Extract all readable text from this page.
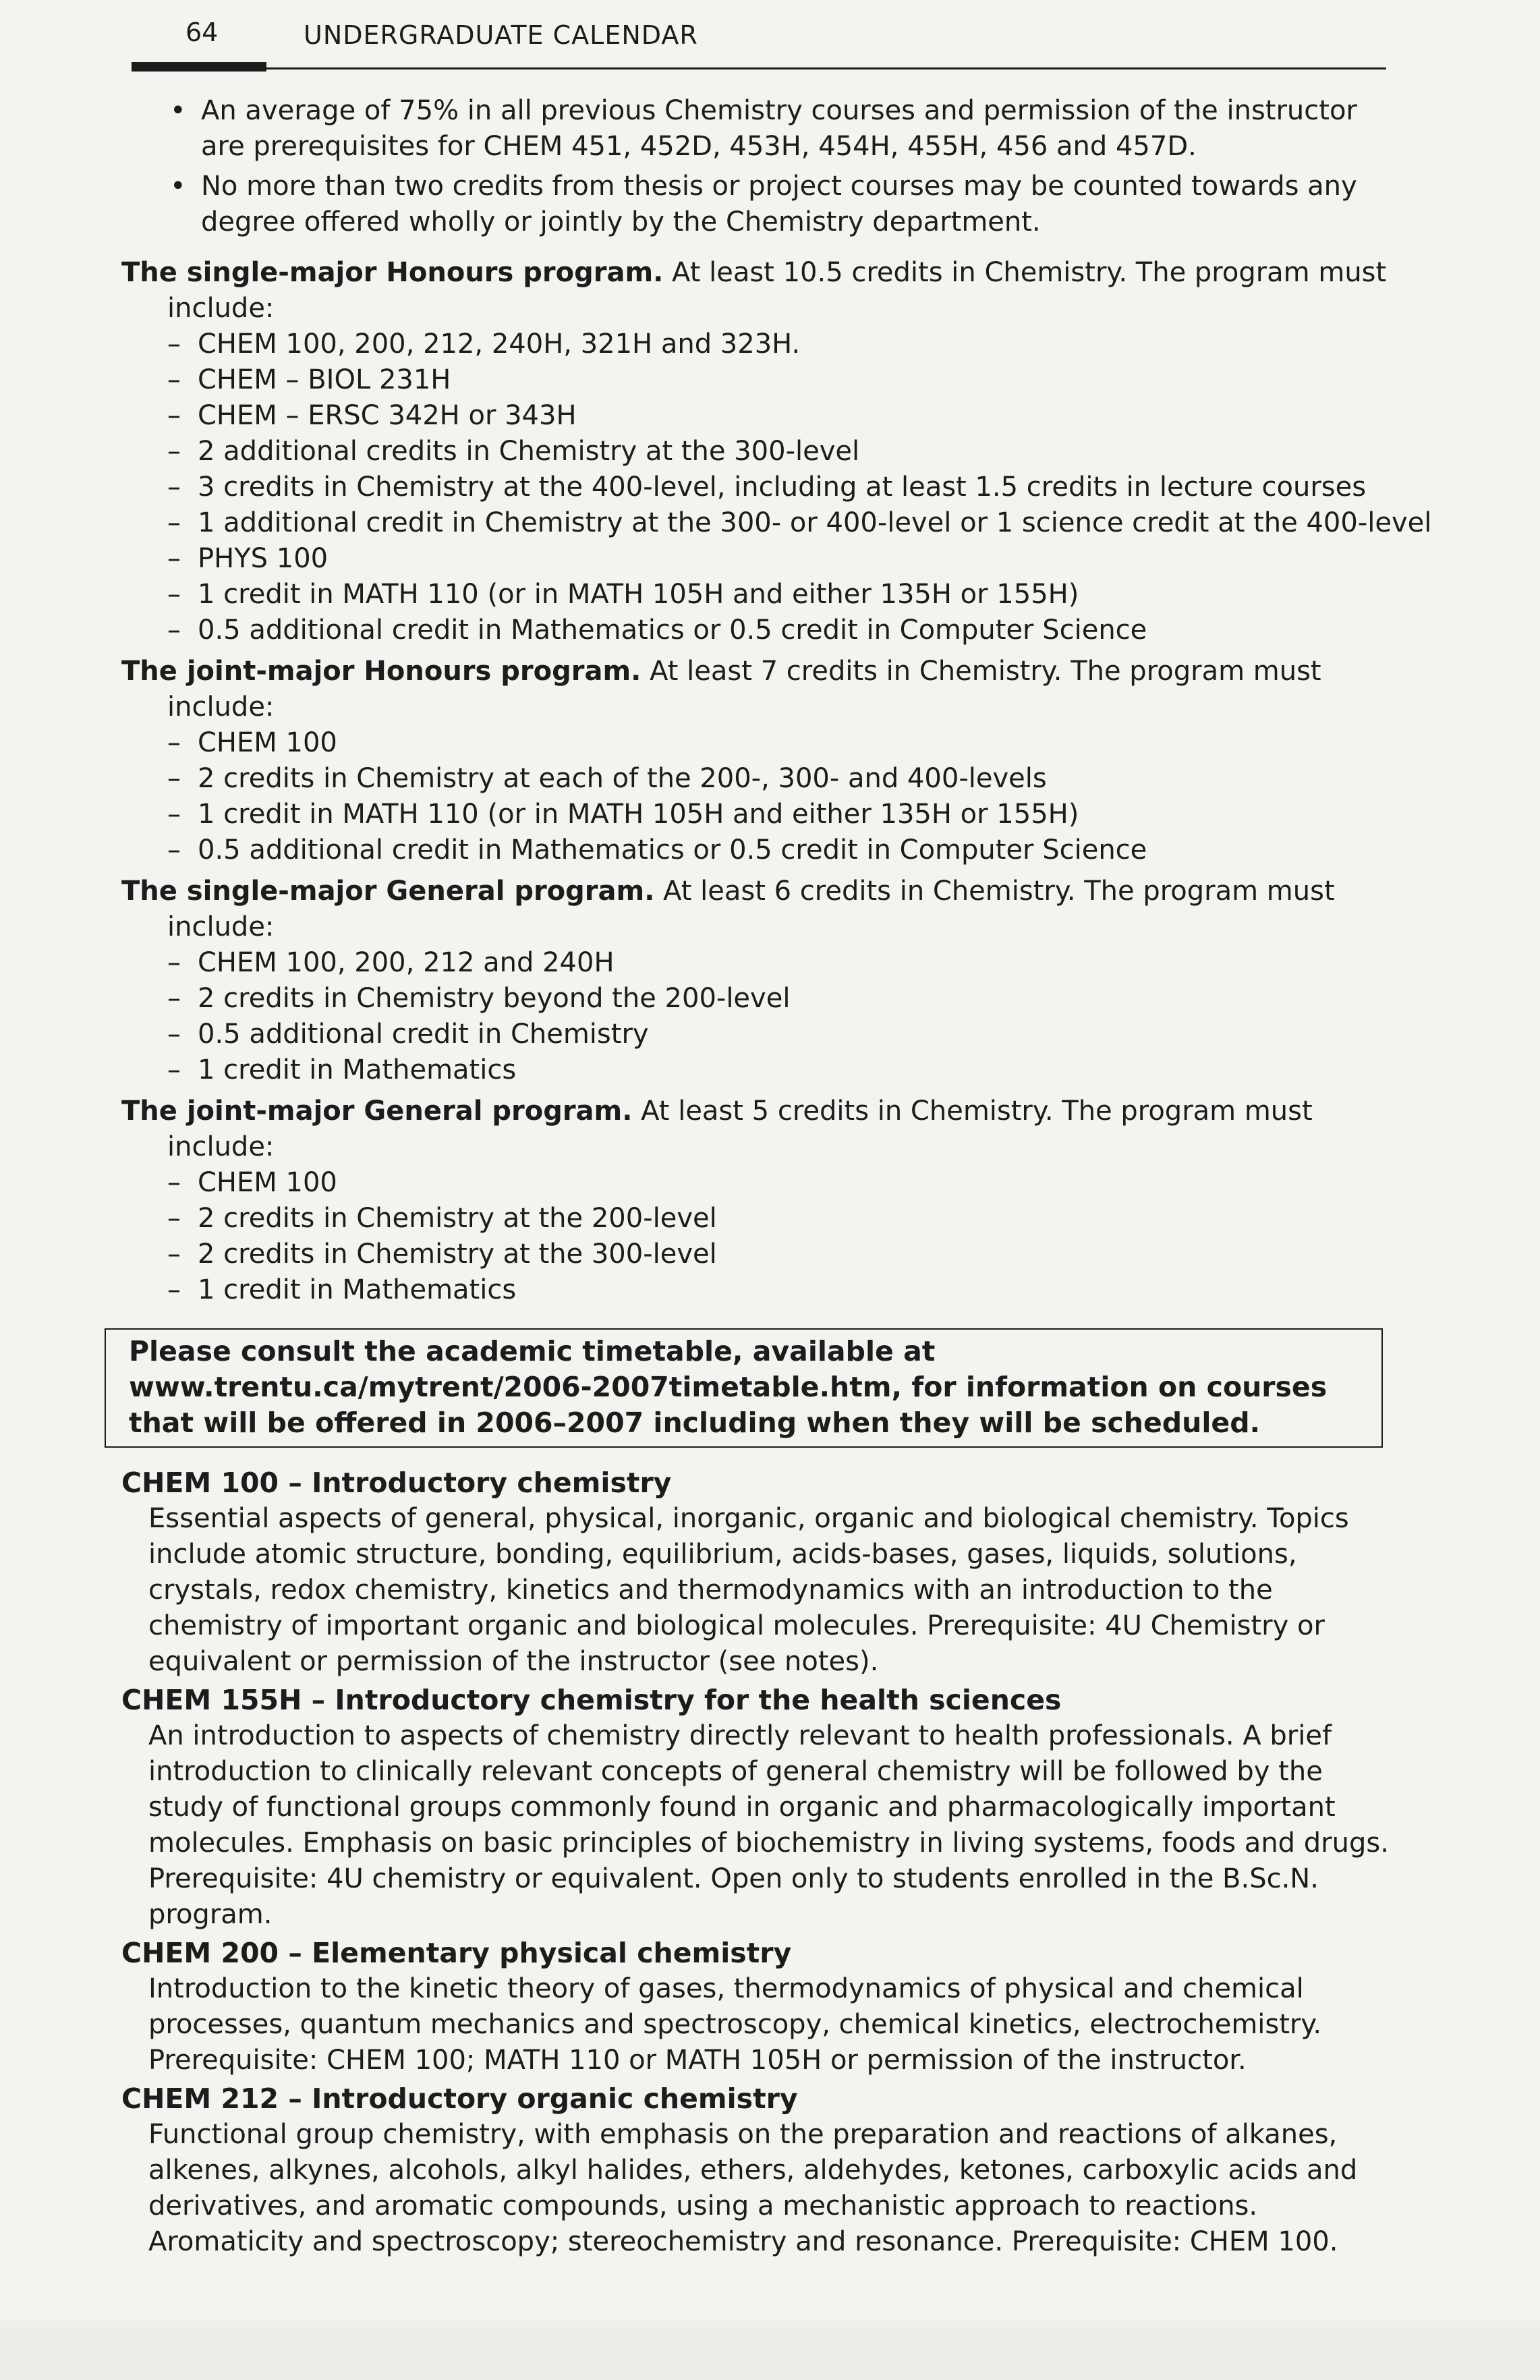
64	UNDERGRADUATE CALENDAR
• An average of 75% in all previous Chemistry courses and permission of the instructor are prerequisites for CHEM 451, 452D, 453H, 454H, 455H, 456 and 457D.
• No more than two credits from thesis or project courses may be counted towards any degree offered wholly or jointly by the Chemistry department.
The single-major Honours program. At least 10.5 credits in Chemistry. The program must include:
– CHEM 100, 200, 212, 240H, 321H and 323H.
– CHEM – BIOL 231H
– CHEM – ERSC 342H or 343H
– 2 additional credits in Chemistry at the 300-level
– 3 credits in Chemistry at the 400-level, including at least 1.5 credits in lecture courses
– 1 additional credit in Chemistry at the 300- or 400-level or 1 science credit at the 400-level
– PHYS 100
– 1 credit in MATH 110 (or in MATH 105H and either 135H or 155H)
– 0.5 additional credit in Mathematics or 0.5 credit in Computer Science
The joint-major Honours program. At least 7 credits in Chemistry. The program must include:
– CHEM 100
– 2 credits in Chemistry at each of the 200-, 300- and 400-levels
– 1 credit in MATH 110 (or in MATH 105H and either 135H or 155H)
– 0.5 additional credit in Mathematics or 0.5 credit in Computer Science
The single-major General program. At least 6 credits in Chemistry. The program must include:
– CHEM 100, 200, 212 and 240H
– 2 credits in Chemistry beyond the 200-level
– 0.5 additional credit in Chemistry
– 1 credit in Mathematics
The joint-major General program. At least 5 credits in Chemistry. The program must include:
– CHEM 100
– 2 credits in Chemistry at the 200-level
– 2 credits in Chemistry at the 300-level
– 1 credit in Mathematics
Please consult the academic timetable, available at www.trentu.ca/mytrent/2006-2007timetable.htm, for information on courses that will be offered in 2006–2007 including when they will be scheduled.
CHEM 100 – Introductory chemistry
Essential aspects of general, physical, inorganic, organic and biological chemistry. Topics include atomic structure, bonding, equilibrium, acids-bases, gases, liquids, solutions, crystals, redox chemistry, kinetics and thermodynamics with an introduction to the chemistry of important organic and biological molecules. Prerequisite: 4U Chemistry or equivalent or permission of the instructor (see notes).
CHEM 155H – Introductory chemistry for the health sciences
An introduction to aspects of chemistry directly relevant to health professionals. A brief introduction to clinically relevant concepts of general chemistry will be followed by the study of functional groups commonly found in organic and pharmacologically important molecules. Emphasis on basic principles of biochemistry in living systems, foods and drugs. Prerequisite: 4U chemistry or equivalent. Open only to students enrolled in the B.Sc.N. program.
CHEM 200 – Elementary physical chemistry
Introduction to the kinetic theory of gases, thermodynamics of physical and chemical processes, quantum mechanics and spectroscopy, chemical kinetics, electrochemistry. Prerequisite: CHEM 100; MATH 110 or MATH 105H or permission of the instructor.
CHEM 212 – Introductory organic chemistry
Functional group chemistry, with emphasis on the preparation and reactions of alkanes, alkenes, alkynes, alcohols, alkyl halides, ethers, aldehydes, ketones, carboxylic acids and derivatives, and aromatic compounds, using a mechanistic approach to reactions. Aromaticity and spectroscopy; stereochemistry and resonance. Prerequisite: CHEM 100.
